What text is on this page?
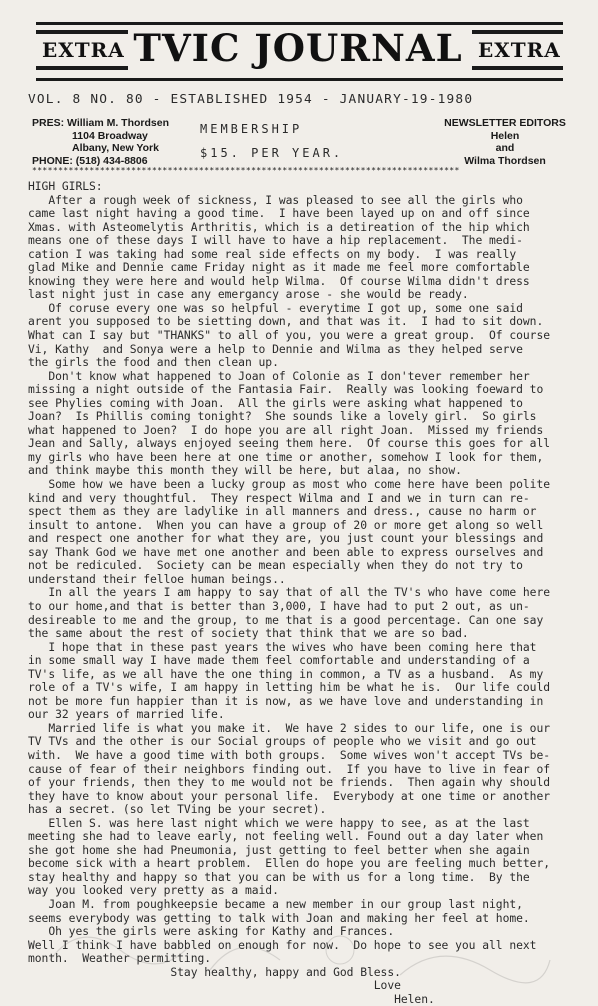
EXTRA TVIC JOURNAL EXTRA
VOL. 8 NO. 80 - ESTABLISHED 1954 - JANUARY-19-1980
PRES: William M. Thordsen
1104 Broadway
Albany, New York
PHONE: (518) 434-8806
MEMBERSHIP
$15. PER YEAR.
NEWSLETTER EDITORS
Helen
and
Wilma Thordsen
**********************************************************************************
HIGH GIRLS:
After a rough week of sickness, I was pleased to see all the girls who
came last night having a good time.  I have been layed up on and off since
Xmas. with Asteomelytis Arthritis, which is a detireation of the hip which
means one of these days I will have to have a hip replacement.  The medi-
cation I was taking had some real side effects on my body.  I was really
glad Mike and Dennie came Friday night as it made me feel more comfortable
knowing they were here and would help Wilma.  Of course Wilma didn't dress
last night just in case any emergancy arose - she would be ready.
Of coruse every one was so helpful - everytime I got up, some one said
arent you supposed to be sietting down, and that was it.  I had to sit down.
What can I say but "THANKS" to all of you, you were a great group.  Of course
Vi, Kathy  and Sonya were a help to Dennie and Wilma as they helped serve
the girls the food and then clean up.
Don't know what happened to Joan of Colonie as I don'tever remember her
missing a night outside of the Fantasia Fair.  Really was looking foeward to
see Phylies coming with Joan.  All the girls were asking what happened to
Joan?  Is Phillis coming tonight?  She sounds like a lovely girl.  So girls
what happened to Joen?  I do hope you are all right Joan.  Missed my friends
Jean and Sally, always enjoyed seeing them here.  Of course this goes for all
my girls who have been here at one time or another, somehow I look for them,
and think maybe this month they will be here, but alaa, no show.
Some how we have been a lucky group as most who come here have been polite
kind and very thoughtful.  They respect Wilma and I and we in turn can re-
spect them as they are ladylike in all manners and dress., cause no harm or
insult to antone.  When you can have a group of 20 or more get along so well
and respect one another for what they are, you just count your blessings and
say Thank God we have met one another and been able to express ourselves and
not be rediculed.  Society can be mean especially when they do not try to
understand their felloe human beings..
In all the years I am happy to say that of all the TV's who have come here
to our home,and that is better than 3,000, I have had to put 2 out, as un-
desireable to me and the group, to me that is a good percentage. Can one say
the same about the rest of society that think that we are so bad.
I hope that in these past years the wives who have been coming here that
in some small way I have made them feel comfortable and understanding of a
TV's life, as we all have the one thing in common, a TV as a husband.  As my
role of a TV's wife, I am happy in letting him be what he is.  Our life could
not be more fun happier than it is now, as we have love and understanding in
our 32 years of married life.
Married life is what you make it.  We have 2 sides to our life, one is our
TV TVs and the other is our Social groups of people who we visit and go out
with.  We have a good time with both groups.  Some wives won't accept TVs be-
cause of fear of their neighbors finding out.  If you have to live in fear of
of your friends, then they to me would not be friends.  Then again why should
they have to know about your personal life.  Everybody at one time or another
has a secret. (so let TVing be your secret).
Ellen S. was here last night which we were happy to see, as at the last
meeting she had to leave early, not feeling well. Found out a day later when
she got home she had Pneumonia, just getting to feel better when she again
become sick with a heart problem.  Ellen do hope you are feeling much better,
stay healthy and happy so that you can be with us for a long time.  By the
way you looked very pretty as a maid.
Joan M. from poughkeepsie became a new member in our group last night,
seems everybody was getting to talk with Joan and making her feel at home.
Oh yes the girls were asking for Kathy and Frances.
Well I think I have babbled on enough for now.  Do hope to see you all next
month.  Weather permitting.
Stay healthy, happy and God Bless.
Love
Helen.
